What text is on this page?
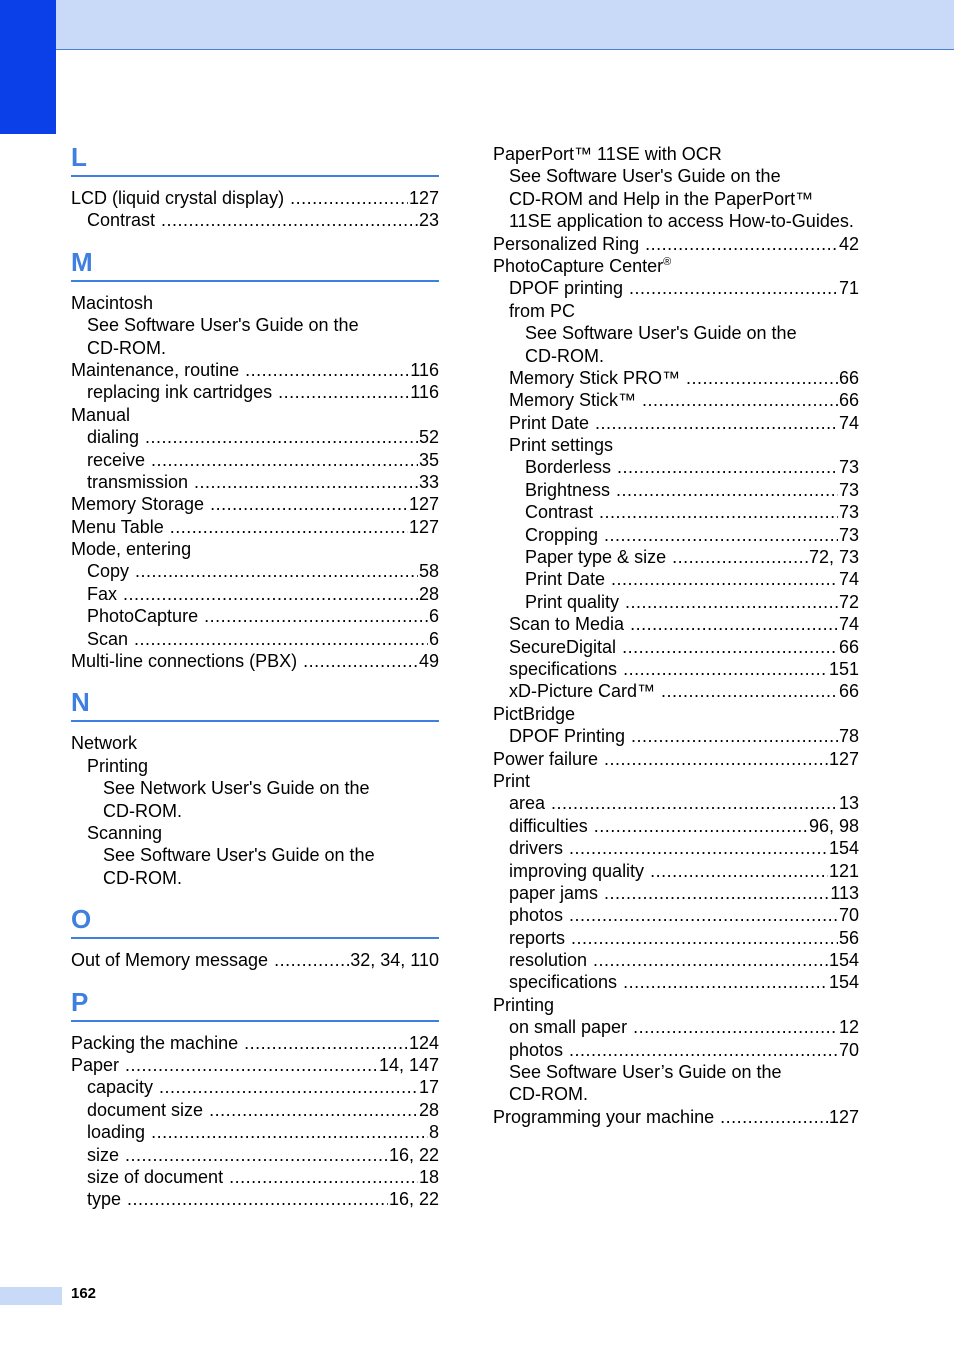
L
LCD (liquid crystal display) .....	127
Contrast .....	23
M
Macintosh
See Software User's Guide on the
CD-ROM.
Maintenance, routine .....	116
replacing ink cartridges .....	116
Manual
dialing .....	52
receive .....	35
transmission .....	33
Memory Storage .....	127
Menu Table .....	127
Mode, entering
Copy .....	58
Fax .....	28
PhotoCapture .....	6
Scan .....	6
Multi-line connections (PBX) .....	49
N
Network
Printing
See Network User's Guide on the
CD-ROM.
Scanning
See Software User's Guide on the
CD-ROM.
O
Out of Memory message .....	32, 34, 110
P
Packing the machine .....	124
Paper .....	14, 147
capacity .....	17
document size .....	28
loading .....	8
size .....	16, 22
size of document .....	18
type .....	16, 22
PaperPort™ 11SE with OCR
See Software User's Guide on the
CD-ROM and Help in the PaperPort™
11SE application to access How-to-Guides.
Personalized Ring .....	42
PhotoCapture Center®
DPOF printing .....	71
from PC
See Software User's Guide on the
CD-ROM.
Memory Stick PRO™ .....	66
Memory Stick™ .....	66
Print Date .....	74
Print settings
Borderless .....	73
Brightness .....	73
Contrast .....	73
Cropping .....	73
Paper type & size .....	72, 73
Print Date .....	74
Print quality .....	72
Scan to Media .....	74
SecureDigital .....	66
specifications .....	151
xD-Picture Card™ .....	66
PictBridge
DPOF Printing .....	78
Power failure .....	127
Print
area .....	13
difficulties .....	96, 98
drivers .....	154
improving quality .....	121
paper jams .....	113
photos .....	70
reports .....	56
resolution .....	154
specifications .....	154
Printing
on small paper .....	12
photos .....	70
See Software User’s Guide on the
CD-ROM.
Programming your machine .....	127
162
